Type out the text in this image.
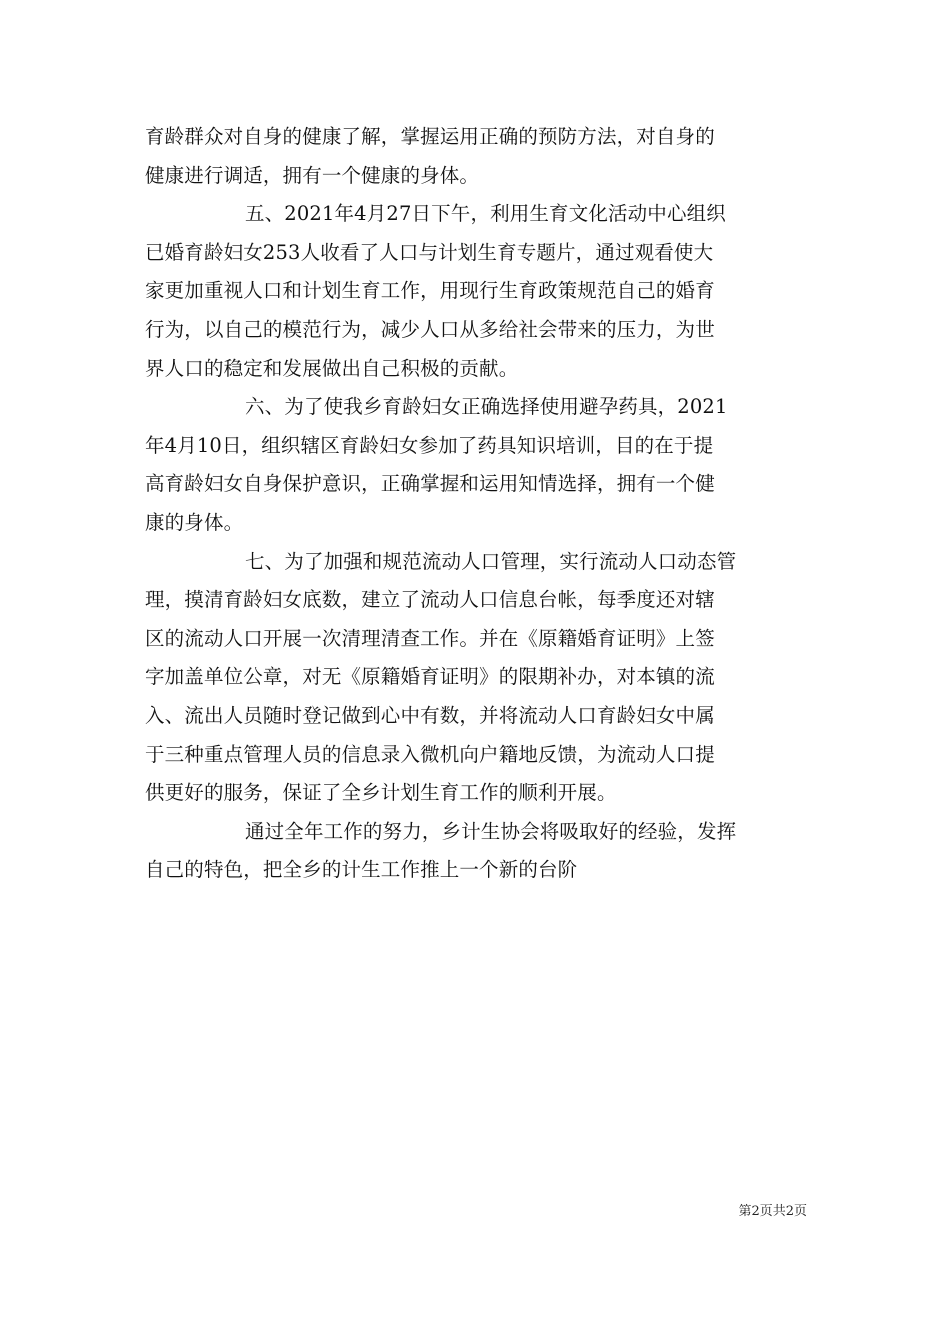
育龄群众对自身的健康了解，掌握运用正确的预防方法，对自身的
健康进行调适，拥有一个健康的身体。
五、2021年4月27日下午，利用生育文化活动中心组织
已婚育龄妇女253人收看了人口与计划生育专题片，通过观看使大
家更加重视人口和计划生育工作，用现行生育政策规范自己的婚育
行为，以自己的模范行为，减少人口从多给社会带来的压力，为世
界人口的稳定和发展做出自己积极的贡献。
六、为了使我乡育龄妇女正确选择使用避孕药具，2021
年4月10日，组织辖区育龄妇女参加了药具知识培训，目的在于提
高育龄妇女自身保护意识，正确掌握和运用知情选择，拥有一个健
康的身体。
七、为了加强和规范流动人口管理，实行流动人口动态管
理，摸清育龄妇女底数，建立了流动人口信息台帐，每季度还对辖
区的流动人口开展一次清理清查工作。并在《原籍婚育证明》上签
字加盖单位公章，对无《原籍婚育证明》的限期补办，对本镇的流
入、流出人员随时登记做到心中有数，并将流动人口育龄妇女中属
于三种重点管理人员的信息录入微机向户籍地反馈，为流动人口提
供更好的服务，保证了全乡计划生育工作的顺利开展。
通过全年工作的努力，乡计生协会将吸取好的经验，发挥
自己的特色，把全乡的计生工作推上一个新的台阶
第2页共2页
